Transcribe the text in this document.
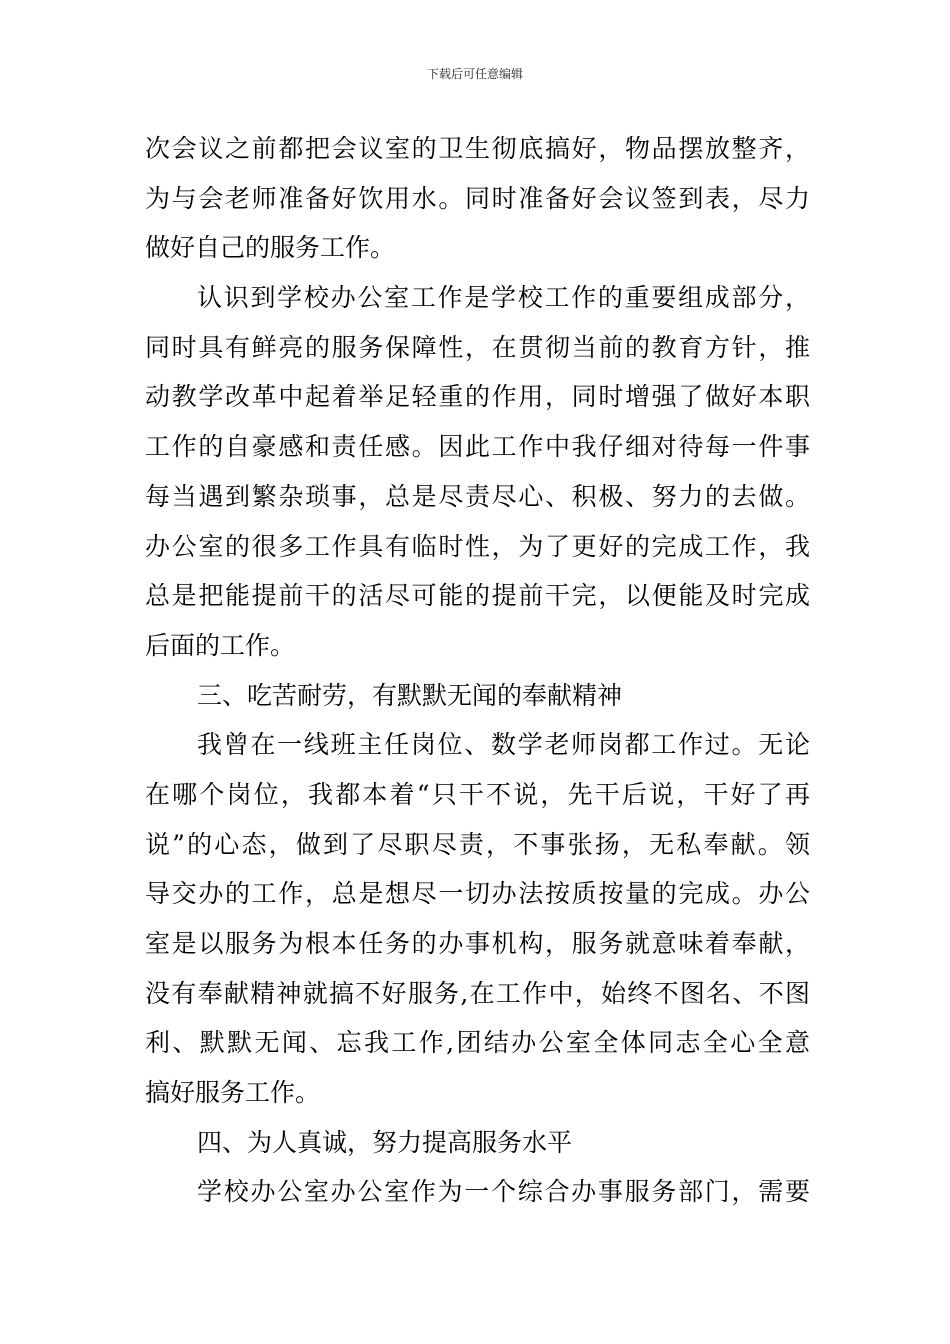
下载后可任意编辑
次会议之前都把会议室的卫生彻底搞好，物品摆放整齐，
为与会老师准备好饮用水。同时准备好会议签到表，尽力
做好自己的服务工作。
认识到学校办公室工作是学校工作的重要组成部分，
同时具有鲜亮的服务保障性，在贯彻当前的教育方针，推
动教学改革中起着举足轻重的作用，同时增强了做好本职
工作的自豪感和责任感。因此工作中我仔细对待每一件事
每当遇到繁杂琐事，总是尽责尽心、积极、努力的去做。
办公室的很多工作具有临时性，为了更好的完成工作，我
总是把能提前干的活尽可能的提前干完，以便能及时完成
后面的工作。
三、吃苦耐劳，有默默无闻的奉献精神
我曾在一线班主任岗位、数学老师岗都工作过。无论
在哪个岗位，我都本着“只干不说，先干后说，干好了再
说”的心态，做到了尽职尽责，不事张扬，无私奉献。领
导交办的工作，总是想尽一切办法按质按量的完成。办公
室是以服务为根本任务的办事机构，服务就意味着奉献，
没有奉献精神就搞不好服务,在工作中，始终不图名、不图
利、默默无闻、忘我工作,团结办公室全体同志全心全意
搞好服务工作。
四、为人真诚，努力提高服务水平
学校办公室办公室作为一个综合办事服务部门，需要
